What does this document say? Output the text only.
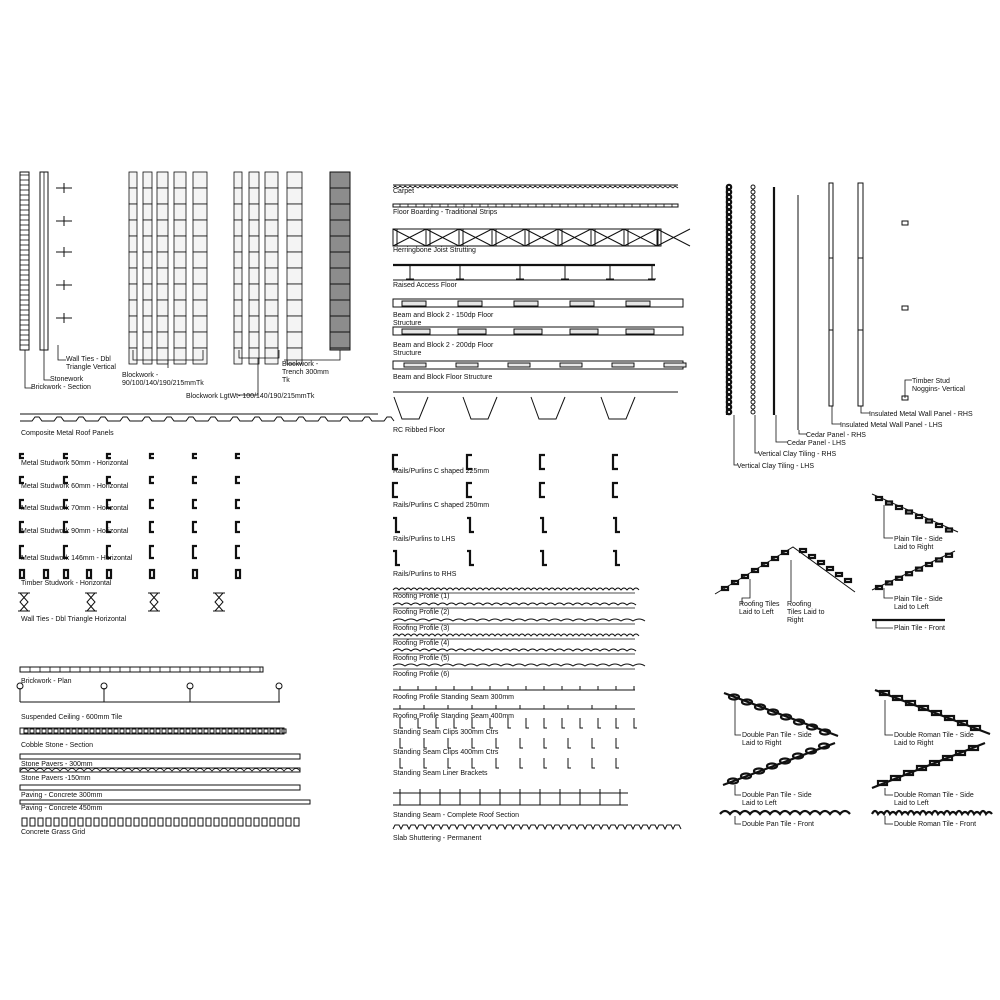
Brickwork - Section
Stonework
Wall Ties - Dbl Triangle Vertical
Blockwork -90/100/140/190/215mmTk
Blockwork LgtWt- 100/140/190/215mmTk
Blockwork -Trench 300mm Tk
Composite Metal Roof Panels
Metal Studwork 50mm - Horizontal
Metal Studwork 60mm - Horizontal
Metal Studwork 70mm - Horizontal
Metal Studwork 90mm - Horizontal
Metal Studwork 146mm - Horizontal
Timber Studwork - Horizontal
Wall Ties - Dbl Triangle Horizontal
Brickwork - Plan
Suspended Ceiling - 600mm Tile
Cobble Stone - Section
Stone Pavers - 300mm
Stone Pavers -150mm
Paving - Concrete 300mm
Paving - Concrete 450mm
Concrete Grass Grid
Carpet
Floor Boarding - Traditional Strips
Herringbone Joist Strutting
Raised Access Floor
Beam and Block 2 - 150dp Floor Structure
Beam and Block 2 - 200dp Floor Structure
Beam and Block Floor Structure
RC Ribbed Floor
Rails/Purlins C shaped 225mm
Rails/Purlins C shaped 250mm
Rails/Purlins to LHS
Rails/Purlins to RHS
Roofing Profile (1)
Roofing Profile (2)
Roofing Profile (3)
Roofing Profile (4)
Roofing Profile (5)
Roofing Profile (6)
Roofing Profile Standing Seam 300mm
Roofing Profile Standing Seam 400mm
Standing Seam Clips 300mm Ctrs
Standing Seam Clips 400mm Ctrs
Standing Seam Liner Brackets
Standing Seam - Complete Roof Section
Slab Shuttering - Permanent
Vertical Clay Tiling - LHS
Vertical Clay Tiling - RHS
Cedar Panel - LHS
Cedar Panel - RHS
Insulated Metal Wall Panel - LHS
Insulated Metal Wall Panel - RHS
Timber Stud Noggins- Vertical
Roofing Tiles Laid to Left
Roofing Tiles Laid to Right
Plain Tile - Side Laid to Right
Plain Tile - Side Laid to Left
Plain Tile - Front
Double Pan Tile - Side Laid to Right
Double Pan Tile - Side Laid to Left
Double Pan Tile - Front
Double Roman Tile - Side Laid to Right
Double Roman Tile - Side Laid to Left
Double Roman Tile - Front
